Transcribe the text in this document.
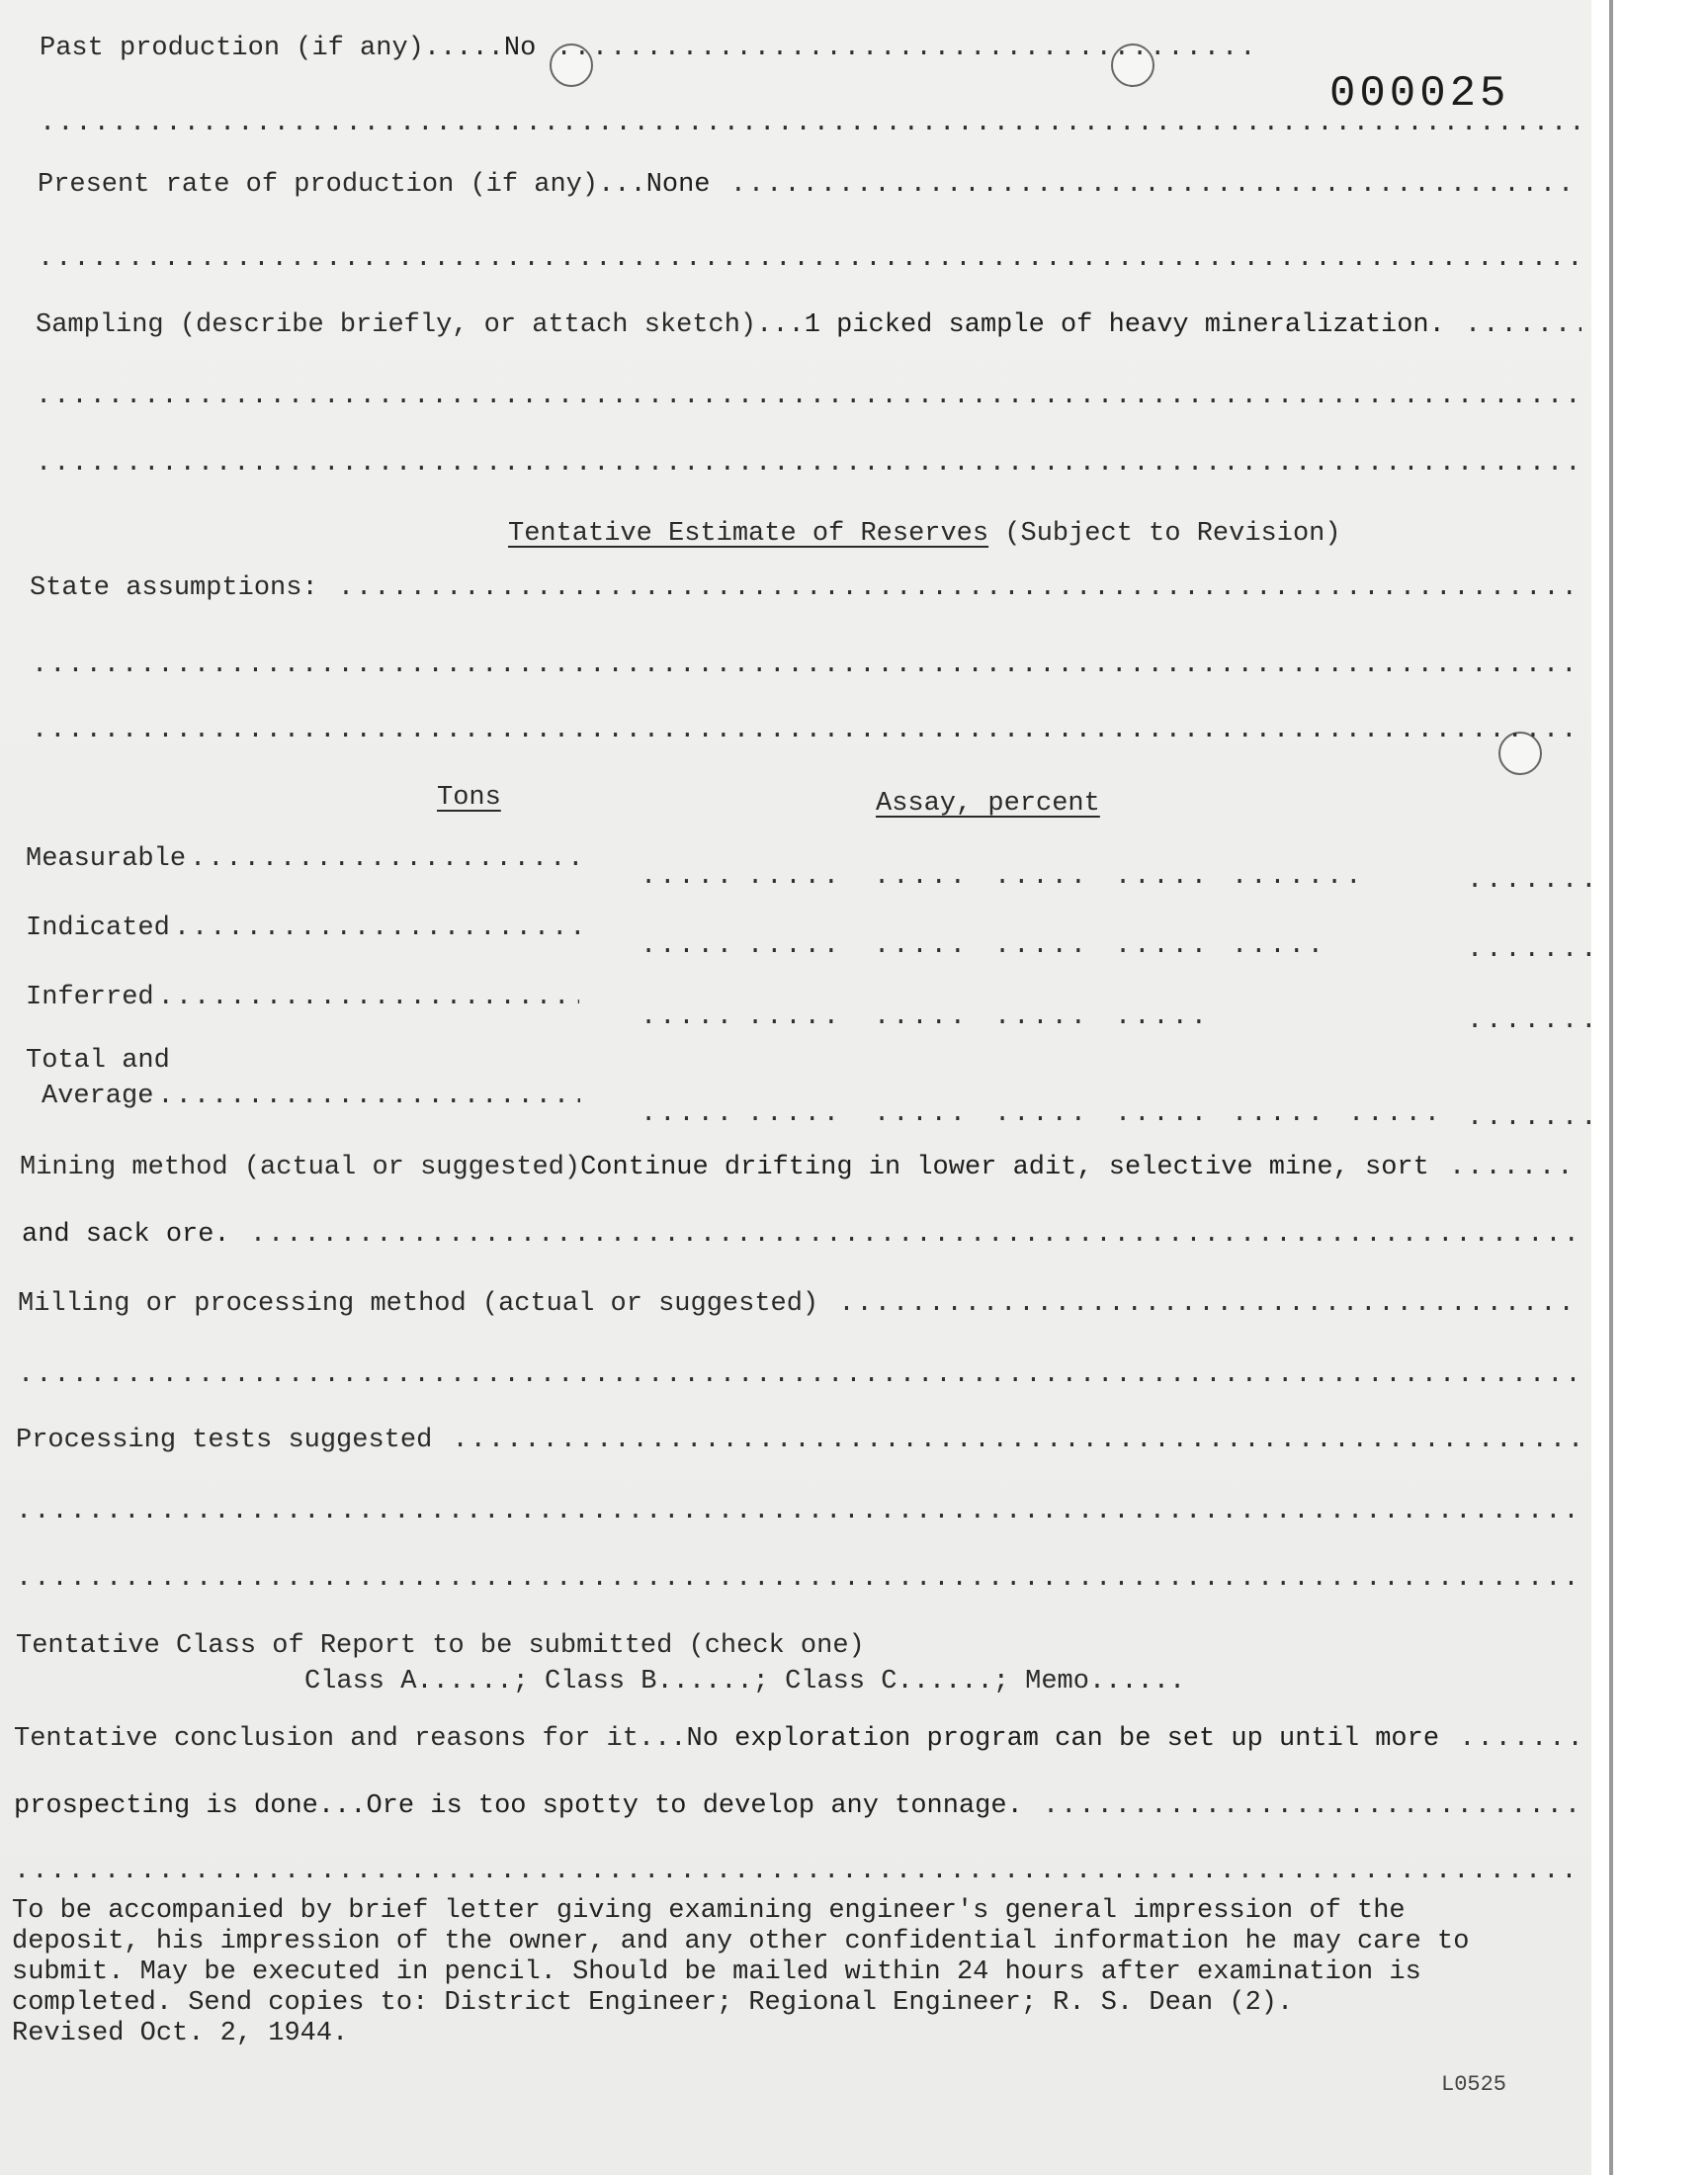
000025
Past production (if any).....No .....
.....
Present rate of production (if any)...None .....
.....
Sampling (describe briefly, or attach sketch)...1 picked sample of heavy mineralization. .....
.....
.....
Tentative Estimate of Reserves (Subject to Revision)
State assumptions: .....
.....
.....
Tons	Assay, percent
Measurable .....
..... ..... ..... ..... ..... .......	.......
Indicated .....
..... ..... ..... ..... ..... .....	.......
Inferred .....
..... ..... ..... ..... .....	.......
Total and
Average .....
..... ..... ..... ..... ..... ..... ..... .......
Mining method (actual or suggested)Continue drifting in lower adit, selective mine, sort .....
and sack ore. .....
Milling or processing method (actual or suggested) .....
.....
Processing tests suggested .....
.....
.....
Tentative Class of Report to be submitted (check one)
Class A......; Class B......; Class C......; Memo......
Tentative conclusion and reasons for it...No exploration program can be set up until more .....
prospecting is done...Ore is too spotty to develop any tonnage. .....
.....
To be accompanied by brief letter giving examining engineer's general impression of the
deposit, his impression of the owner, and any other confidential information he may care to
submit. May be executed in pencil. Should be mailed within 24 hours after examination is
completed. Send copies to: District Engineer; Regional Engineer; R. S. Dean (2).
Revised Oct. 2, 1944.
L0525
